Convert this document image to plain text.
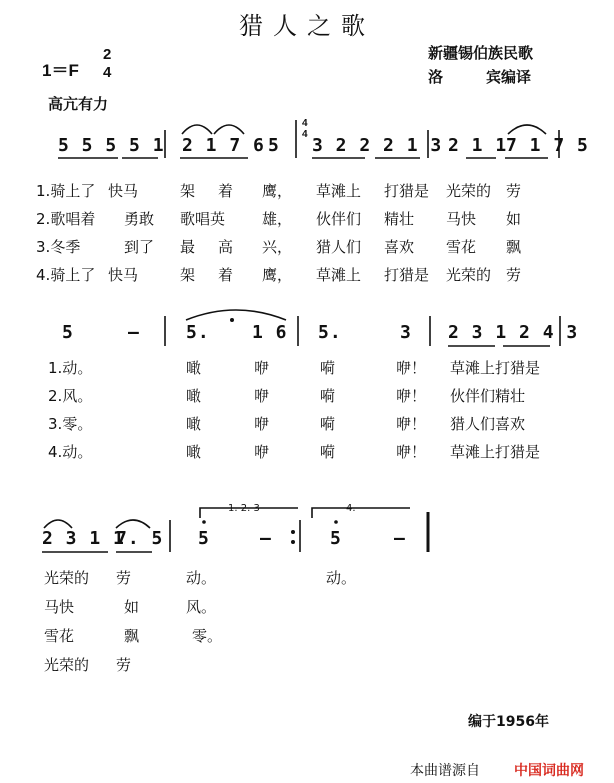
猎人之歌
新疆锡伯族民歌
洛	宾编译
1＝F
2
4
高亢有力
5 5 5 5 1 2 1 7 6 5
4
4
3 2 2 2 1 3 2 1 1
7 1 7 5
1.骑上了 快马	架 着 鹰， 草滩上 打猎是 光荣的 劳
2.歌唱着 勇敢 歌唱英 雄， 伙伴们 精壮 马快 如
3.冬季	到了 最 高 兴， 猎人们 喜欢 雪花 飘
4.骑上了 快马	架 着 鹰， 草滩上 打猎是 光荣的 劳
5	–	5. 1 6 5.	3 2 3 1 2 4 3
1.动。	噉	咿	嗬	咿！ 草滩上打猎是
2.风。	噉	咿	嗬	咿！ 伙伴们精壮
3.零。	噉	咿	嗬	咿！ 猎人们喜欢
4.动。	噉	咿	嗬	咿！ 草滩上打猎是
1. 2. 3	4.
2 3 1 1
7. 5 5	–	5	–
光荣的 劳	动。	动。
马快	如	风。
雪花	飘	零。
光荣的 劳
编于1956年
本曲谱源自 中国词曲网
